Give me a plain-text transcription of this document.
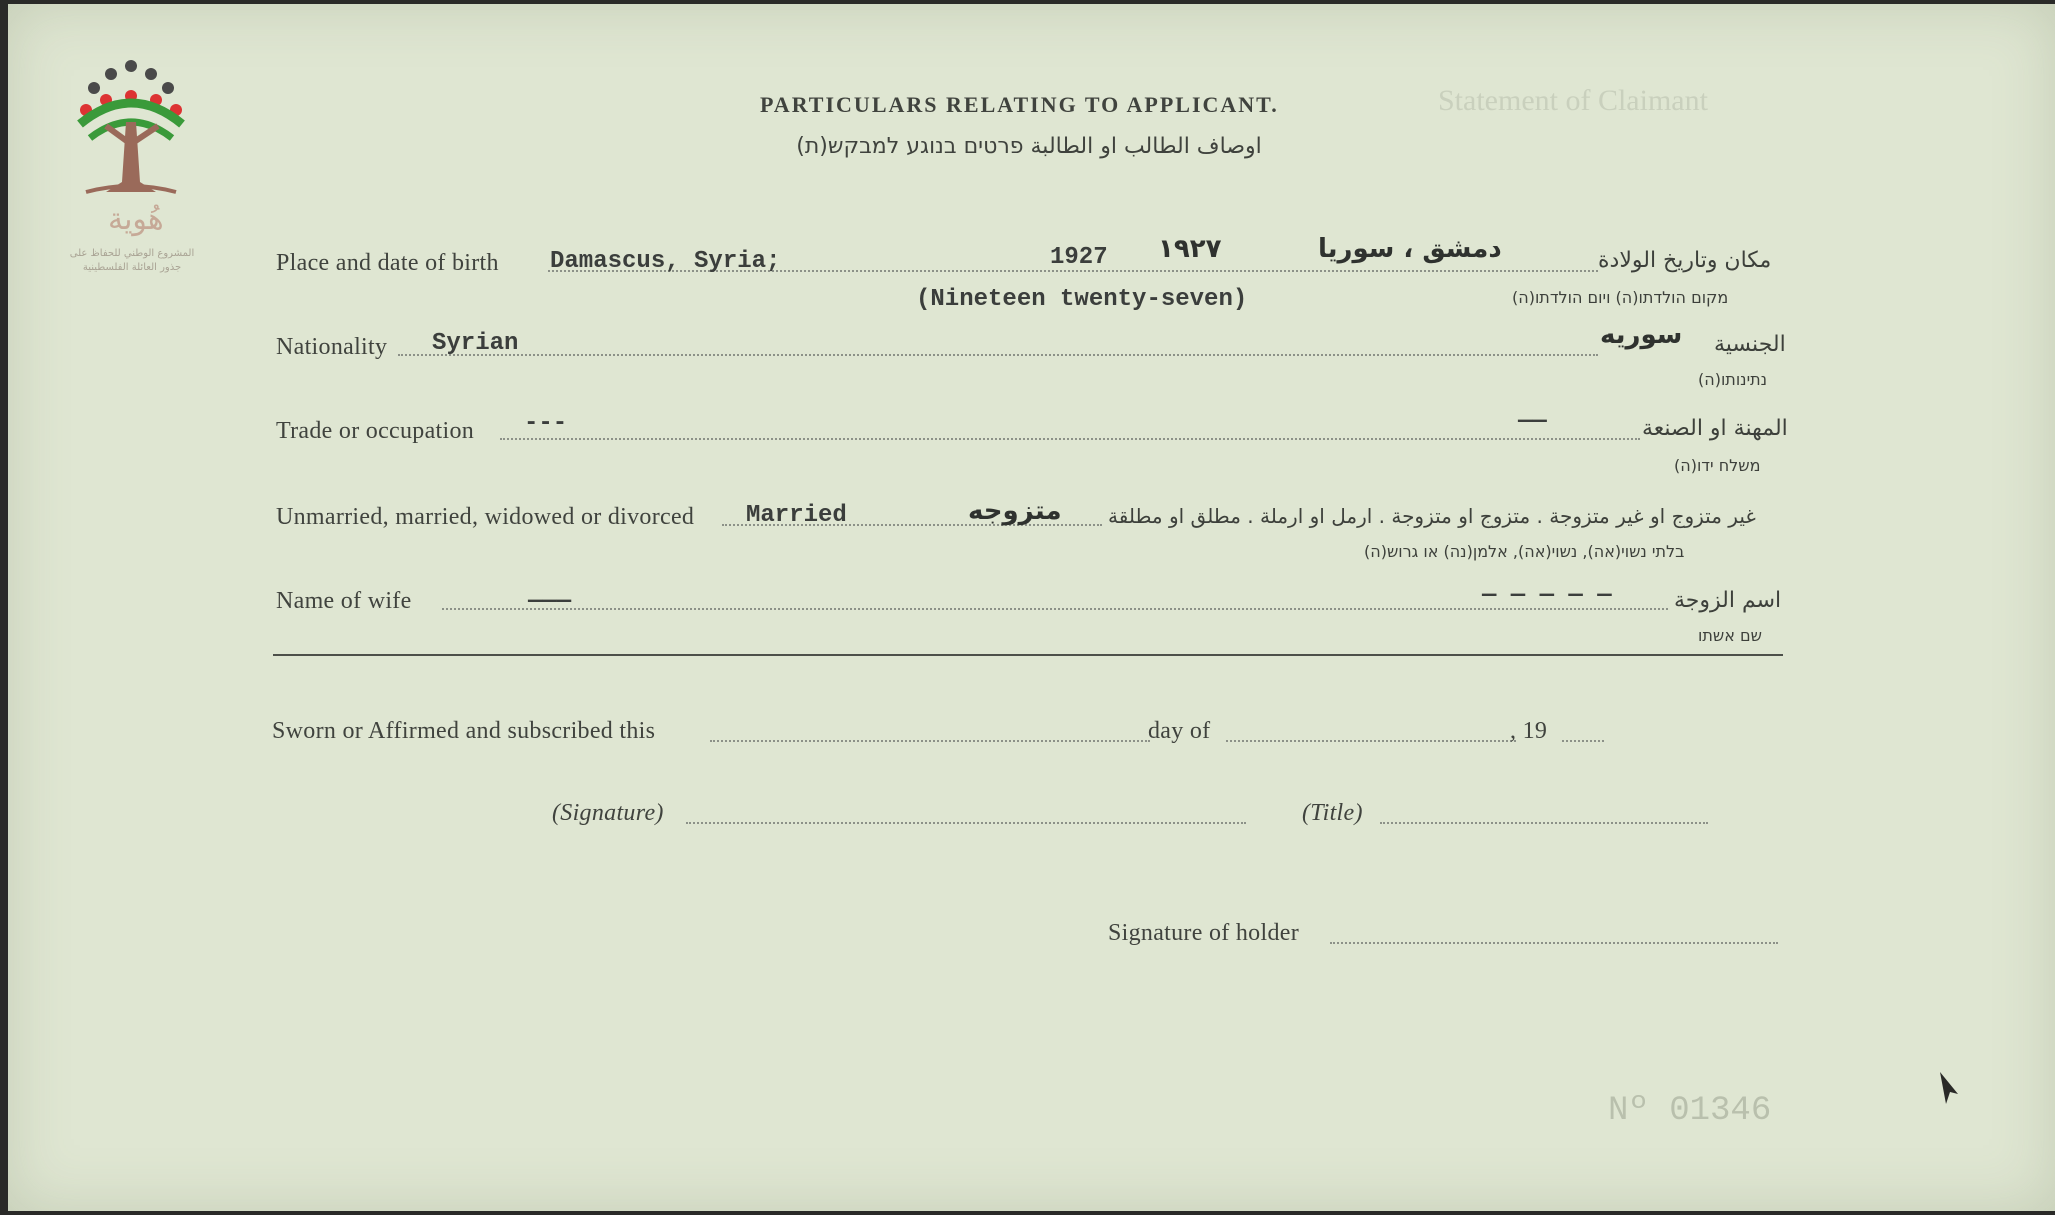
Statement of Claimant
هُوية
المشروع الوطني للحفاظ على
جذور العائلة الفلسطينية
PARTICULARS RELATING TO APPLICANT.
اوصاف الطالب او الطالبة פרטים בנוגע למבקש(ת)
Place and date of birth Damascus, Syria;	1927 ١٩٢٧	دمشق ، سوريا	مكان وتاريخ الولادة
(Nineteen twenty-seven)	מקום הולדתו(ה) ויום הולדתו(ה)
Nationality Syrian	سوريه الجنسية
נתינותו(ה)
Trade or occupation ---	——	المهنة او الصنعة
משלח ידו(ה)
Unmarried, married, widowed or divorced Married	متزوجه غير متزوج او غير متزوجة . متزوج او متزوجة . ارمل او ارملة . مطلق او مطلقة
בלתי נשוי(אה), נשוי(אה), אלמן(נה) או גרוש(ה)
Name of wife	———	— — — — —	اسم الزوجة
שם אשתו
Sworn or Affirmed and subscribed this	day of	, 19
(Signature)	(Title)
Signature of holder
Nº 01346
